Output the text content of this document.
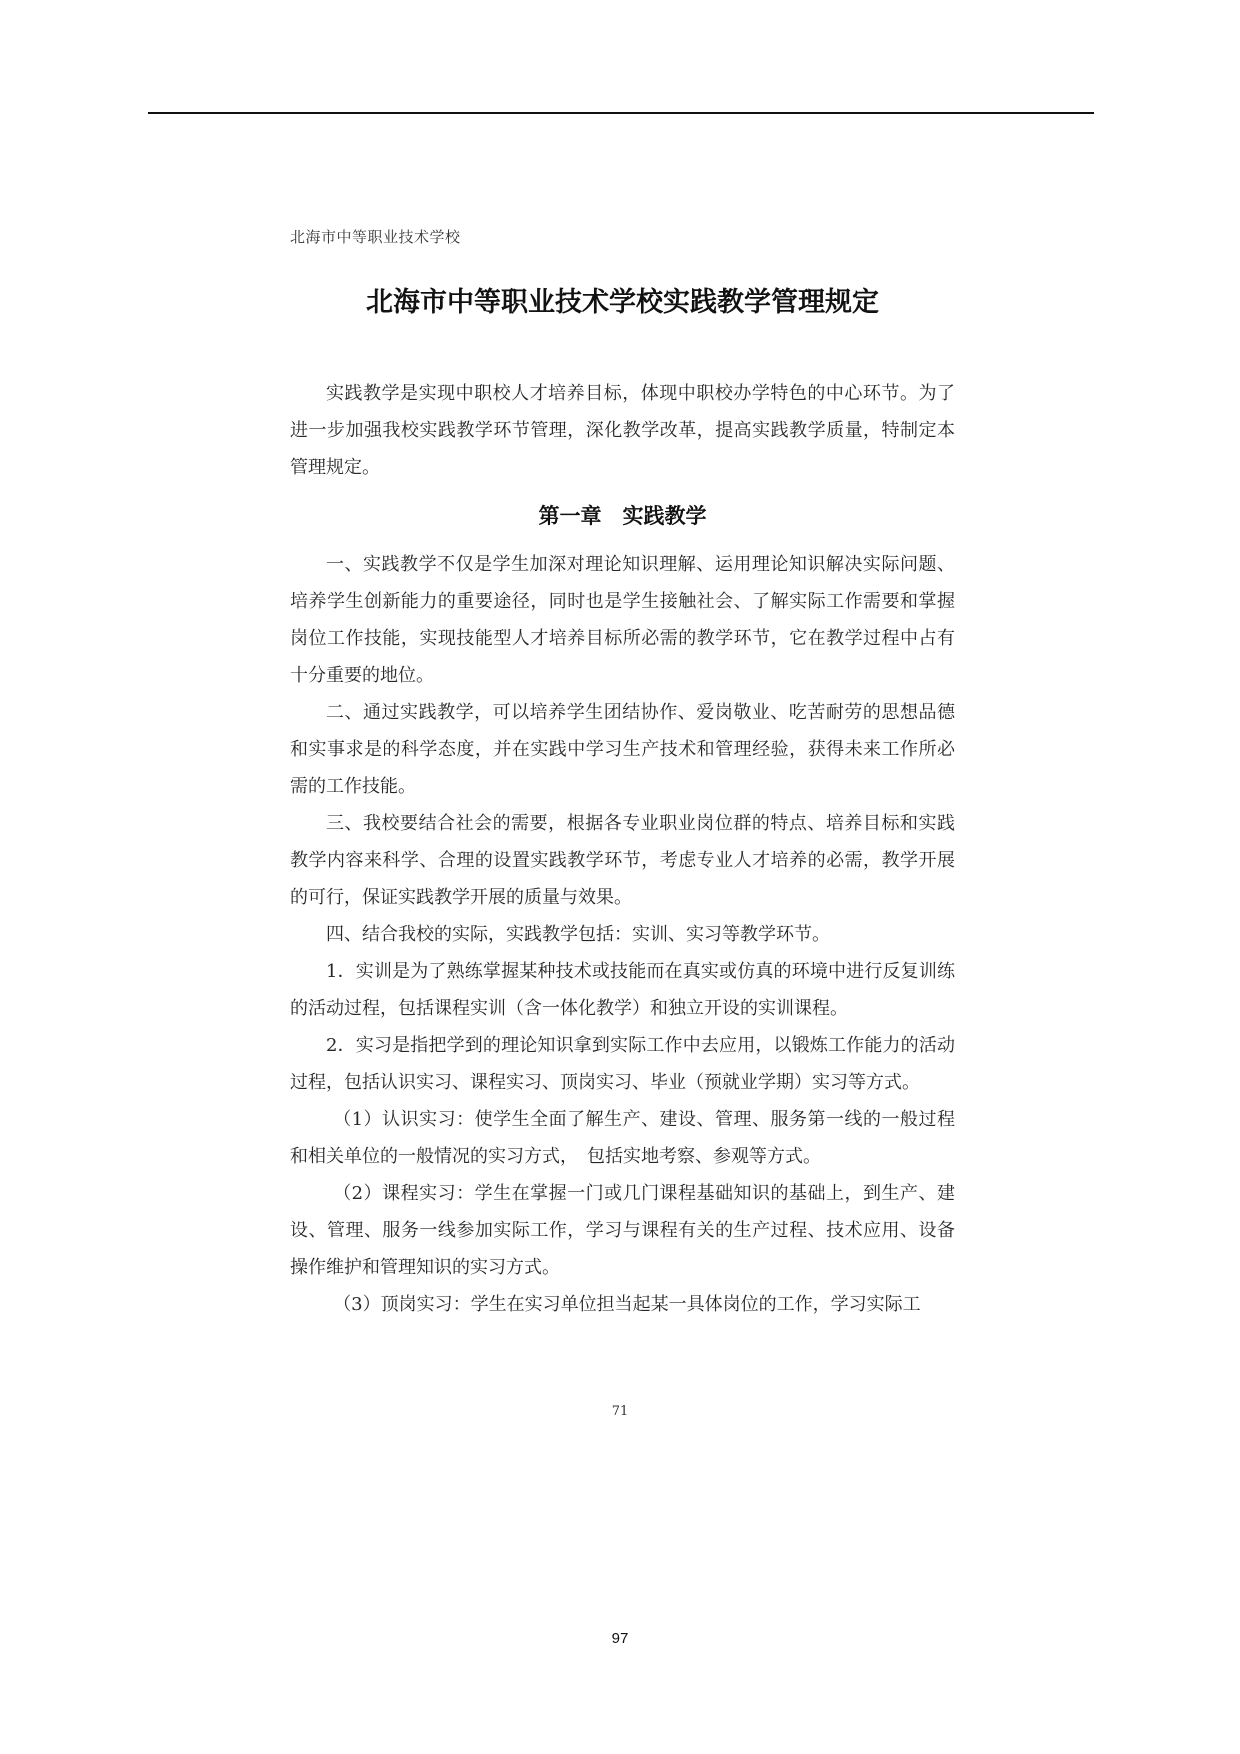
北海市中等职业技术学校
北海市中等职业技术学校实践教学管理规定

实践教学是实现中职校人才培养目标，体现中职校办学特色的中心环节。为了进一步加强我校实践教学环节管理，深化教学改革，提高实践教学质量，特制定本管理规定。

第一章　实践教学

一、实践教学不仅是学生加深对理论知识理解、运用理论知识解决实际问题、培养学生创新能力的重要途径，同时也是学生接触社会、了解实际工作需要和掌握岗位工作技能，实现技能型人才培养目标所必需的教学环节，它在教学过程中占有十分重要的地位。

二、通过实践教学，可以培养学生团结协作、爱岗敬业、吃苦耐劳的思想品德和实事求是的科学态度，并在实践中学习生产技术和管理经验，获得未来工作所必需的工作技能。

三、我校要结合社会的需要，根据各专业职业岗位群的特点、培养目标和实践教学内容来科学、合理的设置实践教学环节，考虑专业人才培养的必需，教学开展的可行，保证实践教学开展的质量与效果。

四、结合我校的实际，实践教学包括：实训、实习等教学环节。

1．实训是为了熟练掌握某种技术或技能而在真实或仿真的环境中进行反复训练的活动过程，包括课程实训（含一体化教学）和独立开设的实训课程。

2．实习是指把学到的理论知识拿到实际工作中去应用，以锻炼工作能力的活动过程，包括认识实习、课程实习、顶岗实习、毕业（预就业学期）实习等方式。

（1）认识实习：使学生全面了解生产、建设、管理、服务第一线的一般过程和相关单位的一般情况的实习方式，　包括实地考察、参观等方式。

（2）课程实习：学生在掌握一门或几门课程基础知识的基础上，到生产、建设、管理、服务一线参加实际工作，学习与课程有关的生产过程、技术应用、设备操作维护和管理知识的实习方式。

（3）顶岗实习：学生在实习单位担当起某一具体岗位的工作，学习实际工

71
97
